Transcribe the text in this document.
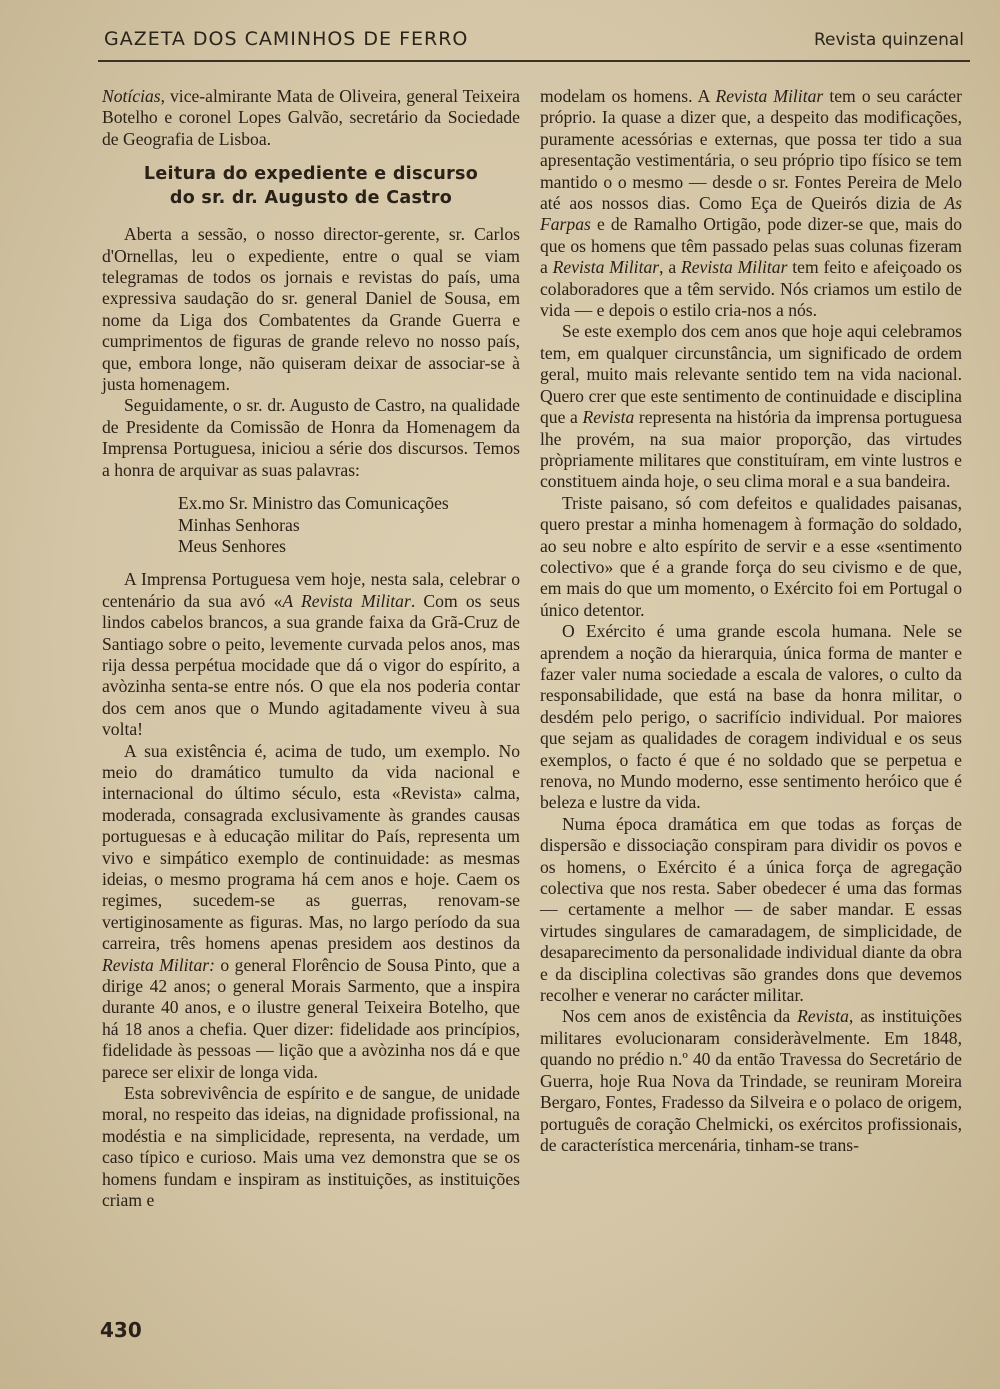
GAZETA DOS CAMINHOS DE FERRO	Revista quinzenal

Notícias, vice-almirante Mata de Oliveira, general Teixeira Botelho e coronel Lopes Galvão, secretário da Sociedade de Geografia de Lisboa.

Leitura do expediente e discurso
do sr. dr. Augusto de Castro

Aberta a sessão, o nosso director-gerente, sr. Carlos d'Ornellas, leu o expediente, entre o qual se viam telegramas de todos os jornais e revistas do país, uma expressiva saudação do sr. general Daniel de Sousa, em nome da Liga dos Combatentes da Grande Guerra e cumprimentos de figuras de grande relevo no nosso país, que, embora longe, não quiseram deixar de associar-se à justa homenagem.

Seguidamente, o sr. dr. Augusto de Castro, na qualidade de Presidente da Comissão de Honra da Homenagem da Imprensa Portuguesa, iniciou a série dos discursos. Temos a honra de arquivar as suas palavras:

Ex.mo Sr. Ministro das Comunicações
Minhas Senhoras
Meus Senhores

A Imprensa Portuguesa vem hoje, nesta sala, celebrar o centenário da sua avó «A Revista Militar. Com os seus lindos cabelos brancos, a sua grande faixa da Grã-Cruz de Santiago sobre o peito, levemente curvada pelos anos, mas rija dessa perpétua mocidade que dá o vigor do espírito, a avòzinha senta-se entre nós. O que ela nos poderia contar dos cem anos que o Mundo agitadamente viveu à sua volta!

A sua existência é, acima de tudo, um exemplo. No meio do dramático tumulto da vida nacional e internacional do último século, esta «Revista» calma, moderada, consagrada exclusivamente às grandes causas portuguesas e à educação militar do País, representa um vivo e simpático exemplo de continuidade: as mesmas ideias, o mesmo programa há cem anos e hoje. Caem os regimes, sucedem-se as guerras, renovam-se vertiginosamente as figuras. Mas, no largo período da sua carreira, três homens apenas presidem aos destinos da Revista Militar: o general Florêncio de Sousa Pinto, que a dirige 42 anos; o general Morais Sarmento, que a inspira durante 40 anos, e o ilustre general Teixeira Botelho, que há 18 anos a chefia. Quer dizer: fidelidade aos princípios, fidelidade às pessoas — lição que a avòzinha nos dá e que parece ser elixir de longa vida.

Esta sobrevivência de espírito e de sangue, de unidade moral, no respeito das ideias, na dignidade profissional, na modéstia e na simplicidade, representa, na verdade, um caso típico e curioso. Mais uma vez demonstra que se os homens fundam e inspiram as instituições, as instituições criam e

modelam os homens. A Revista Militar tem o seu carácter próprio. Ia quase a dizer que, a despeito das modificações, puramente acessórias e externas, que possa ter tido a sua apresentação vestimentária, o seu próprio tipo físico se tem mantido o o mesmo — desde o sr. Fontes Pereira de Melo até aos nossos dias. Como Eça de Queirós dizia de As Farpas e de Ramalho Ortigão, pode dizer-se que, mais do que os homens que têm passado pelas suas colunas fizeram a Revista Militar, a Revista Militar tem feito e afeiçoado os colaboradores que a têm servido. Nós criamos um estilo de vida — e depois o estilo cria-nos a nós.

Se este exemplo dos cem anos que hoje aqui celebramos tem, em qualquer circunstância, um significado de ordem geral, muito mais relevante sentido tem na vida nacional. Quero crer que este sentimento de continuidade e disciplina que a Revista representa na história da imprensa portuguesa lhe provém, na sua maior proporção, das virtudes pròpriamente militares que constituíram, em vinte lustros e constituem ainda hoje, o seu clima moral e a sua bandeira.

Triste paisano, só com defeitos e qualidades paisanas, quero prestar a minha homenagem à formação do soldado, ao seu nobre e alto espírito de servir e a esse «sentimento colectivo» que é a grande força do seu civismo e de que, em mais do que um momento, o Exército foi em Portugal o único detentor.

O Exército é uma grande escola humana. Nele se aprendem a noção da hierarquia, única forma de manter e fazer valer numa sociedade a escala de valores, o culto da responsabilidade, que está na base da honra militar, o desdém pelo perigo, o sacrifício individual. Por maiores que sejam as qualidades de coragem individual e os seus exemplos, o facto é que é no soldado que se perpetua e renova, no Mundo moderno, esse sentimento heróico que é beleza e lustre da vida.

Numa época dramática em que todas as forças de dispersão e dissociação conspiram para dividir os povos e os homens, o Exército é a única força de agregação colectiva que nos resta. Saber obedecer é uma das formas — certamente a melhor — de saber mandar. E essas virtudes singulares de camaradagem, de simplicidade, de desaparecimento da personalidade individual diante da obra e da disciplina colectivas são grandes dons que devemos recolher e venerar no carácter militar.

Nos cem anos de existência da Revista, as instituições militares evolucionaram consideràvelmente. Em 1848, quando no prédio n.º 40 da então Travessa do Secretário de Guerra, hoje Rua Nova da Trindade, se reuniram Moreira Bergaro, Fontes, Fradesso da Silveira e o polaco de origem, português de coração Chelmicki, os exércitos profissionais, de característica mercenária, tinham-se trans-

430
